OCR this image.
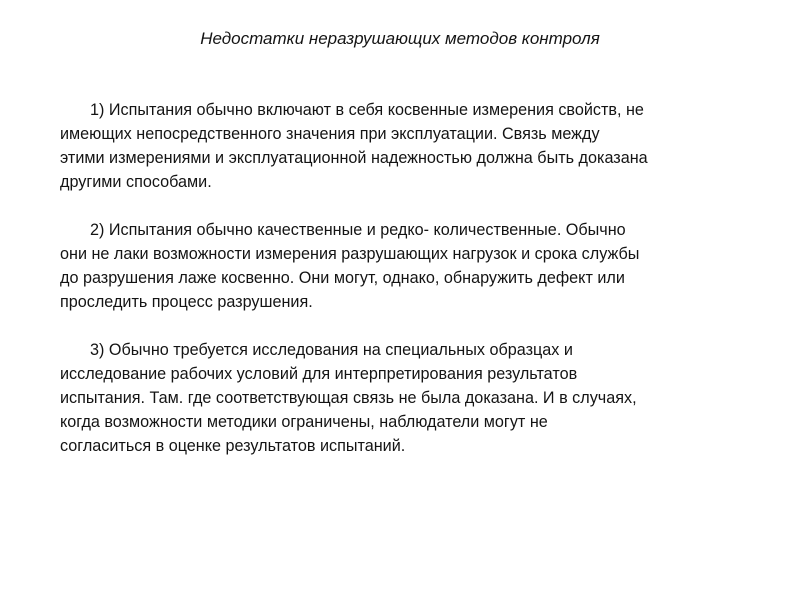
Недостатки неразрушающих методов контроля
1) Испытания обычно включают в себя косвенные измерения свойств, не
имеющих непосредственного значения при эксплуатации. Связь между
этими измерениями и эксплуатационной надежностью должна быть доказана
другими способами.
2) Испытания обычно качественные и редко- количественные. Обычно
они не лаки возможности измерения разрушающих нагрузок и срока службы
до разрушения лаже косвенно. Они могут, однако, обнаружить дефект или
проследить процесс разрушения.
3) Обычно требуется исследования на специальных образцах и
исследование рабочих условий для интерпретирования результатов
испытания. Там. где соответствующая связь не была доказана. И в случаях,
когда возможности методики ограничены, наблюдатели могут не
согласиться в оценке результатов испытаний.
